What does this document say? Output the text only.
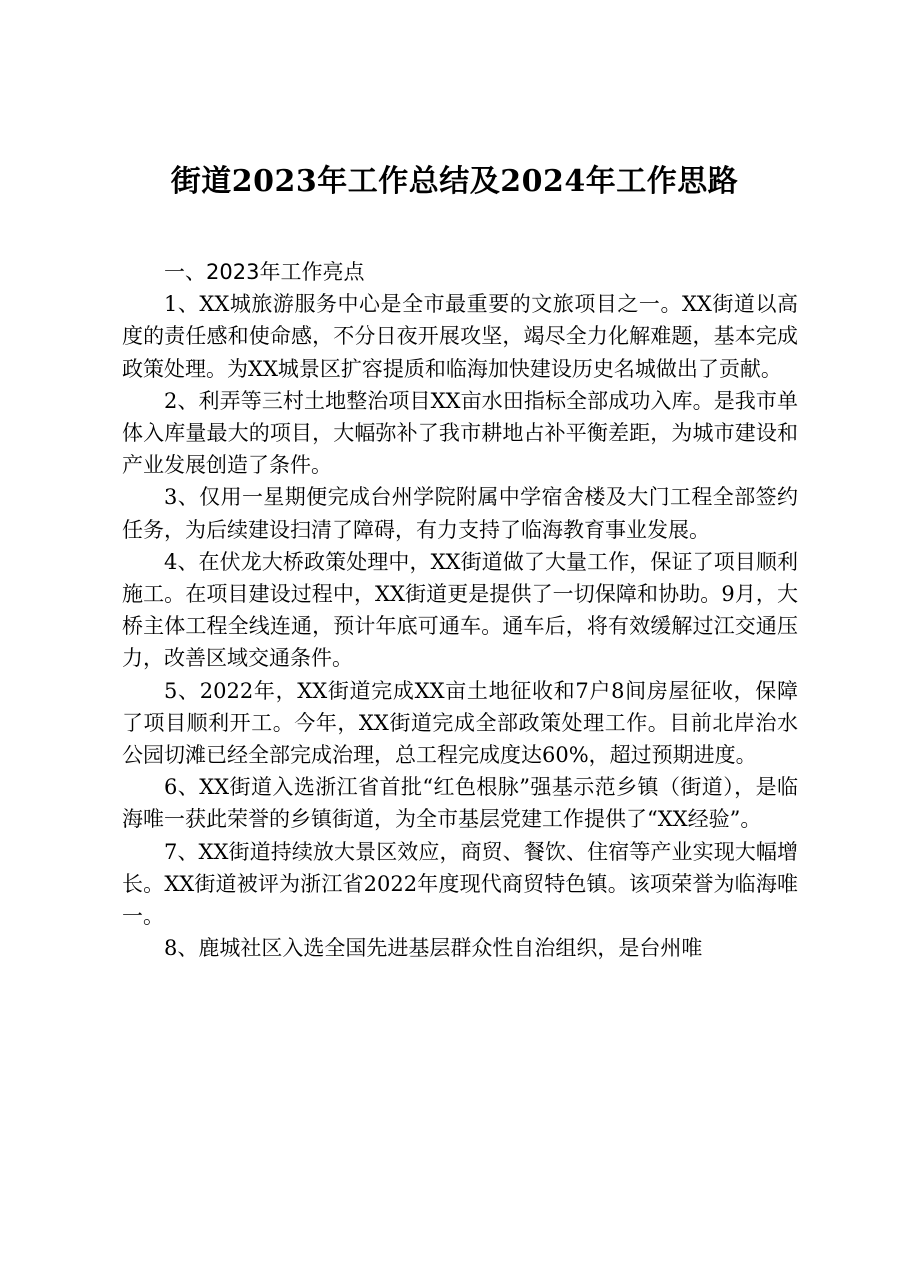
街道2023年工作总结及2024年工作思路

一、2023年工作亮点

1、XX城旅游服务中心是全市最重要的文旅项目之一。XX街道以高度的责任感和使命感，不分日夜开展攻坚，竭尽全力化解难题，基本完成政策处理。为XX城景区扩容提质和临海加快建设历史名城做出了贡献。

2、利弄等三村土地整治项目XX亩水田指标全部成功入库。是我市单体入库量最大的项目，大幅弥补了我市耕地占补平衡差距，为城市建设和产业发展创造了条件。

3、仅用一星期便完成台州学院附属中学宿舍楼及大门工程全部签约任务，为后续建设扫清了障碍，有力支持了临海教育事业发展。

4、在伏龙大桥政策处理中，XX街道做了大量工作，保证了项目顺利施工。在项目建设过程中，XX街道更是提供了一切保障和协助。9月，大桥主体工程全线连通，预计年底可通车。通车后，将有效缓解过江交通压力，改善区域交通条件。

5、2022年，XX街道完成XX亩土地征收和7户8间房屋征收，保障了项目顺利开工。今年，XX街道完成全部政策处理工作。目前北岸治水公园切滩已经全部完成治理，总工程完成度达60%，超过预期进度。

6、XX街道入选浙江省首批“红色根脉”强基示范乡镇（街道），是临海唯一获此荣誉的乡镇街道，为全市基层党建工作提供了“XX经验”。

7、XX街道持续放大景区效应，商贸、餐饮、住宿等产业实现大幅增长。XX街道被评为浙江省2022年度现代商贸特色镇。该项荣誉为临海唯一。

8、鹿城社区入选全国先进基层群众性自治组织，是台州唯
